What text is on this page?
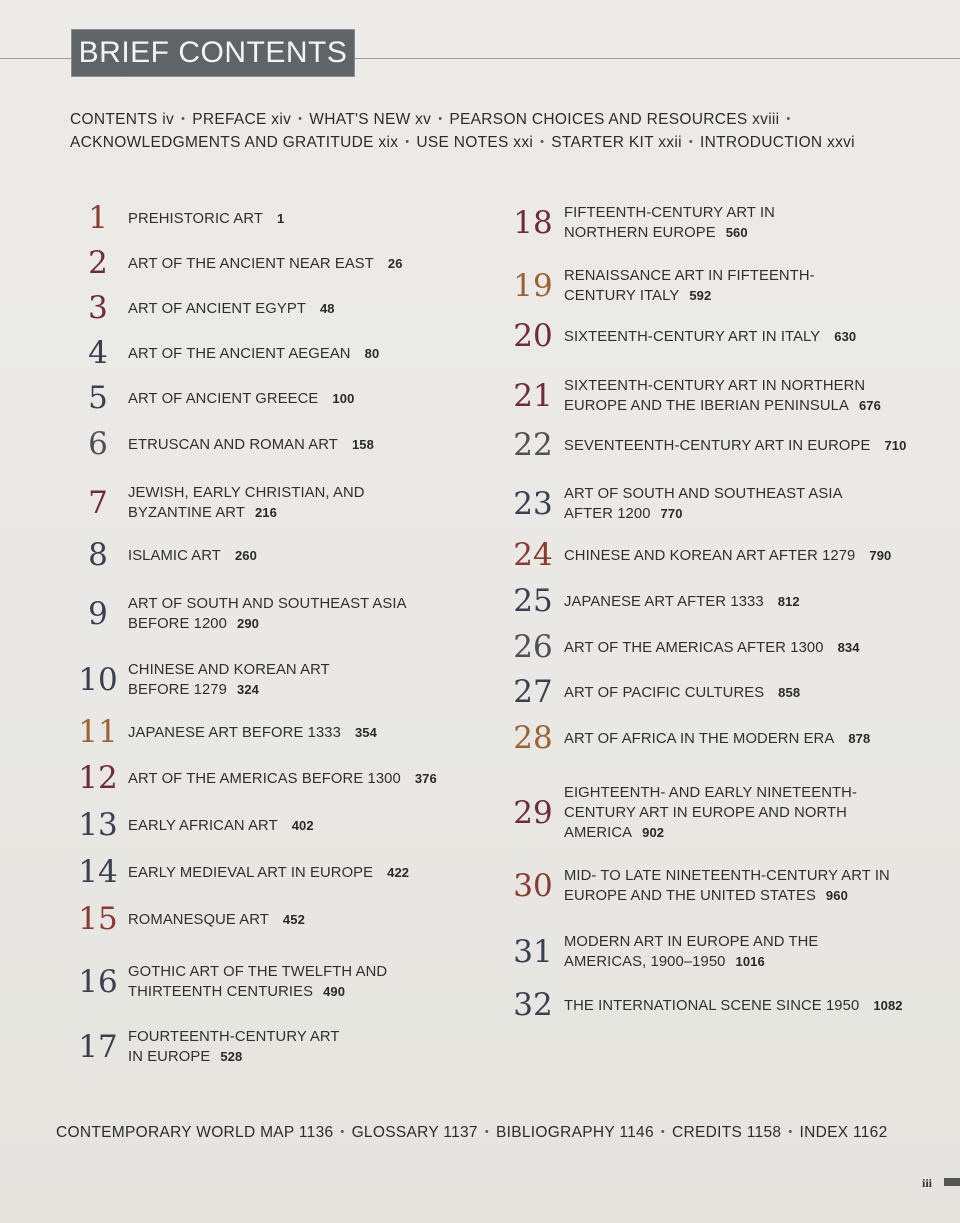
BRIEF CONTENTS
CONTENTS iv • PREFACE xiv • WHAT'S NEW xv • PEARSON CHOICES AND RESOURCES xviii •
ACKNOWLEDGMENTS AND GRATITUDE xix • USE NOTES xxi • STARTER KIT xxii • INTRODUCTION xxvi
1	PREHISTORIC ART 1
2	ART OF THE ANCIENT NEAR EAST 26
3	ART OF ANCIENT EGYPT 48
4	ART OF THE ANCIENT AEGEAN 80
5	ART OF ANCIENT GREECE 100
6	ETRUSCAN AND ROMAN ART 158
7	JEWISH, EARLY CHRISTIAN, AND
BYZANTINE ART 216
8	ISLAMIC ART 260
9	ART OF SOUTH AND SOUTHEAST ASIA
BEFORE 1200 290
10 CHINESE AND KOREAN ART
BEFORE 1279 324
11 JAPANESE ART BEFORE 1333 354
12 ART OF THE AMERICAS BEFORE 1300 376
13 EARLY AFRICAN ART 402
14 EARLY MEDIEVAL ART IN EUROPE 422
15 ROMANESQUE ART 452
16 GOTHIC ART OF THE TWELFTH AND
THIRTEENTH CENTURIES 490
17 FOURTEENTH-CENTURY ART
IN EUROPE 528
18 FIFTEENTH-CENTURY ART IN
NORTHERN EUROPE 560
19 RENAISSANCE ART IN FIFTEENTH-
CENTURY ITALY 592
20 SIXTEENTH-CENTURY ART IN ITALY 630
21 SIXTEENTH-CENTURY ART IN NORTHERN
EUROPE AND THE IBERIAN PENINSULA 676
22 SEVENTEENTH-CENTURY ART IN EUROPE 710
23 ART OF SOUTH AND SOUTHEAST ASIA
AFTER 1200 770
24 CHINESE AND KOREAN ART AFTER 1279 790
25 JAPANESE ART AFTER 1333 812
26 ART OF THE AMERICAS AFTER 1300 834
27 ART OF PACIFIC CULTURES 858
28 ART OF AFRICA IN THE MODERN ERA 878
29
EIGHTEENTH- AND EARLY NINETEENTH-
CENTURY ART IN EUROPE AND NORTH
AMERICA 902
30 MID- TO LATE NINETEENTH-CENTURY ART IN
EUROPE AND THE UNITED STATES 960
31 MODERN ART IN EUROPE AND THE
AMERICAS, 1900–1950 1016
32 THE INTERNATIONAL SCENE SINCE 1950 1082
CONTEMPORARY WORLD MAP 1136 • GLOSSARY 1137 • BIBLIOGRAPHY 1146 • CREDITS 1158 • INDEX 1162
iii
